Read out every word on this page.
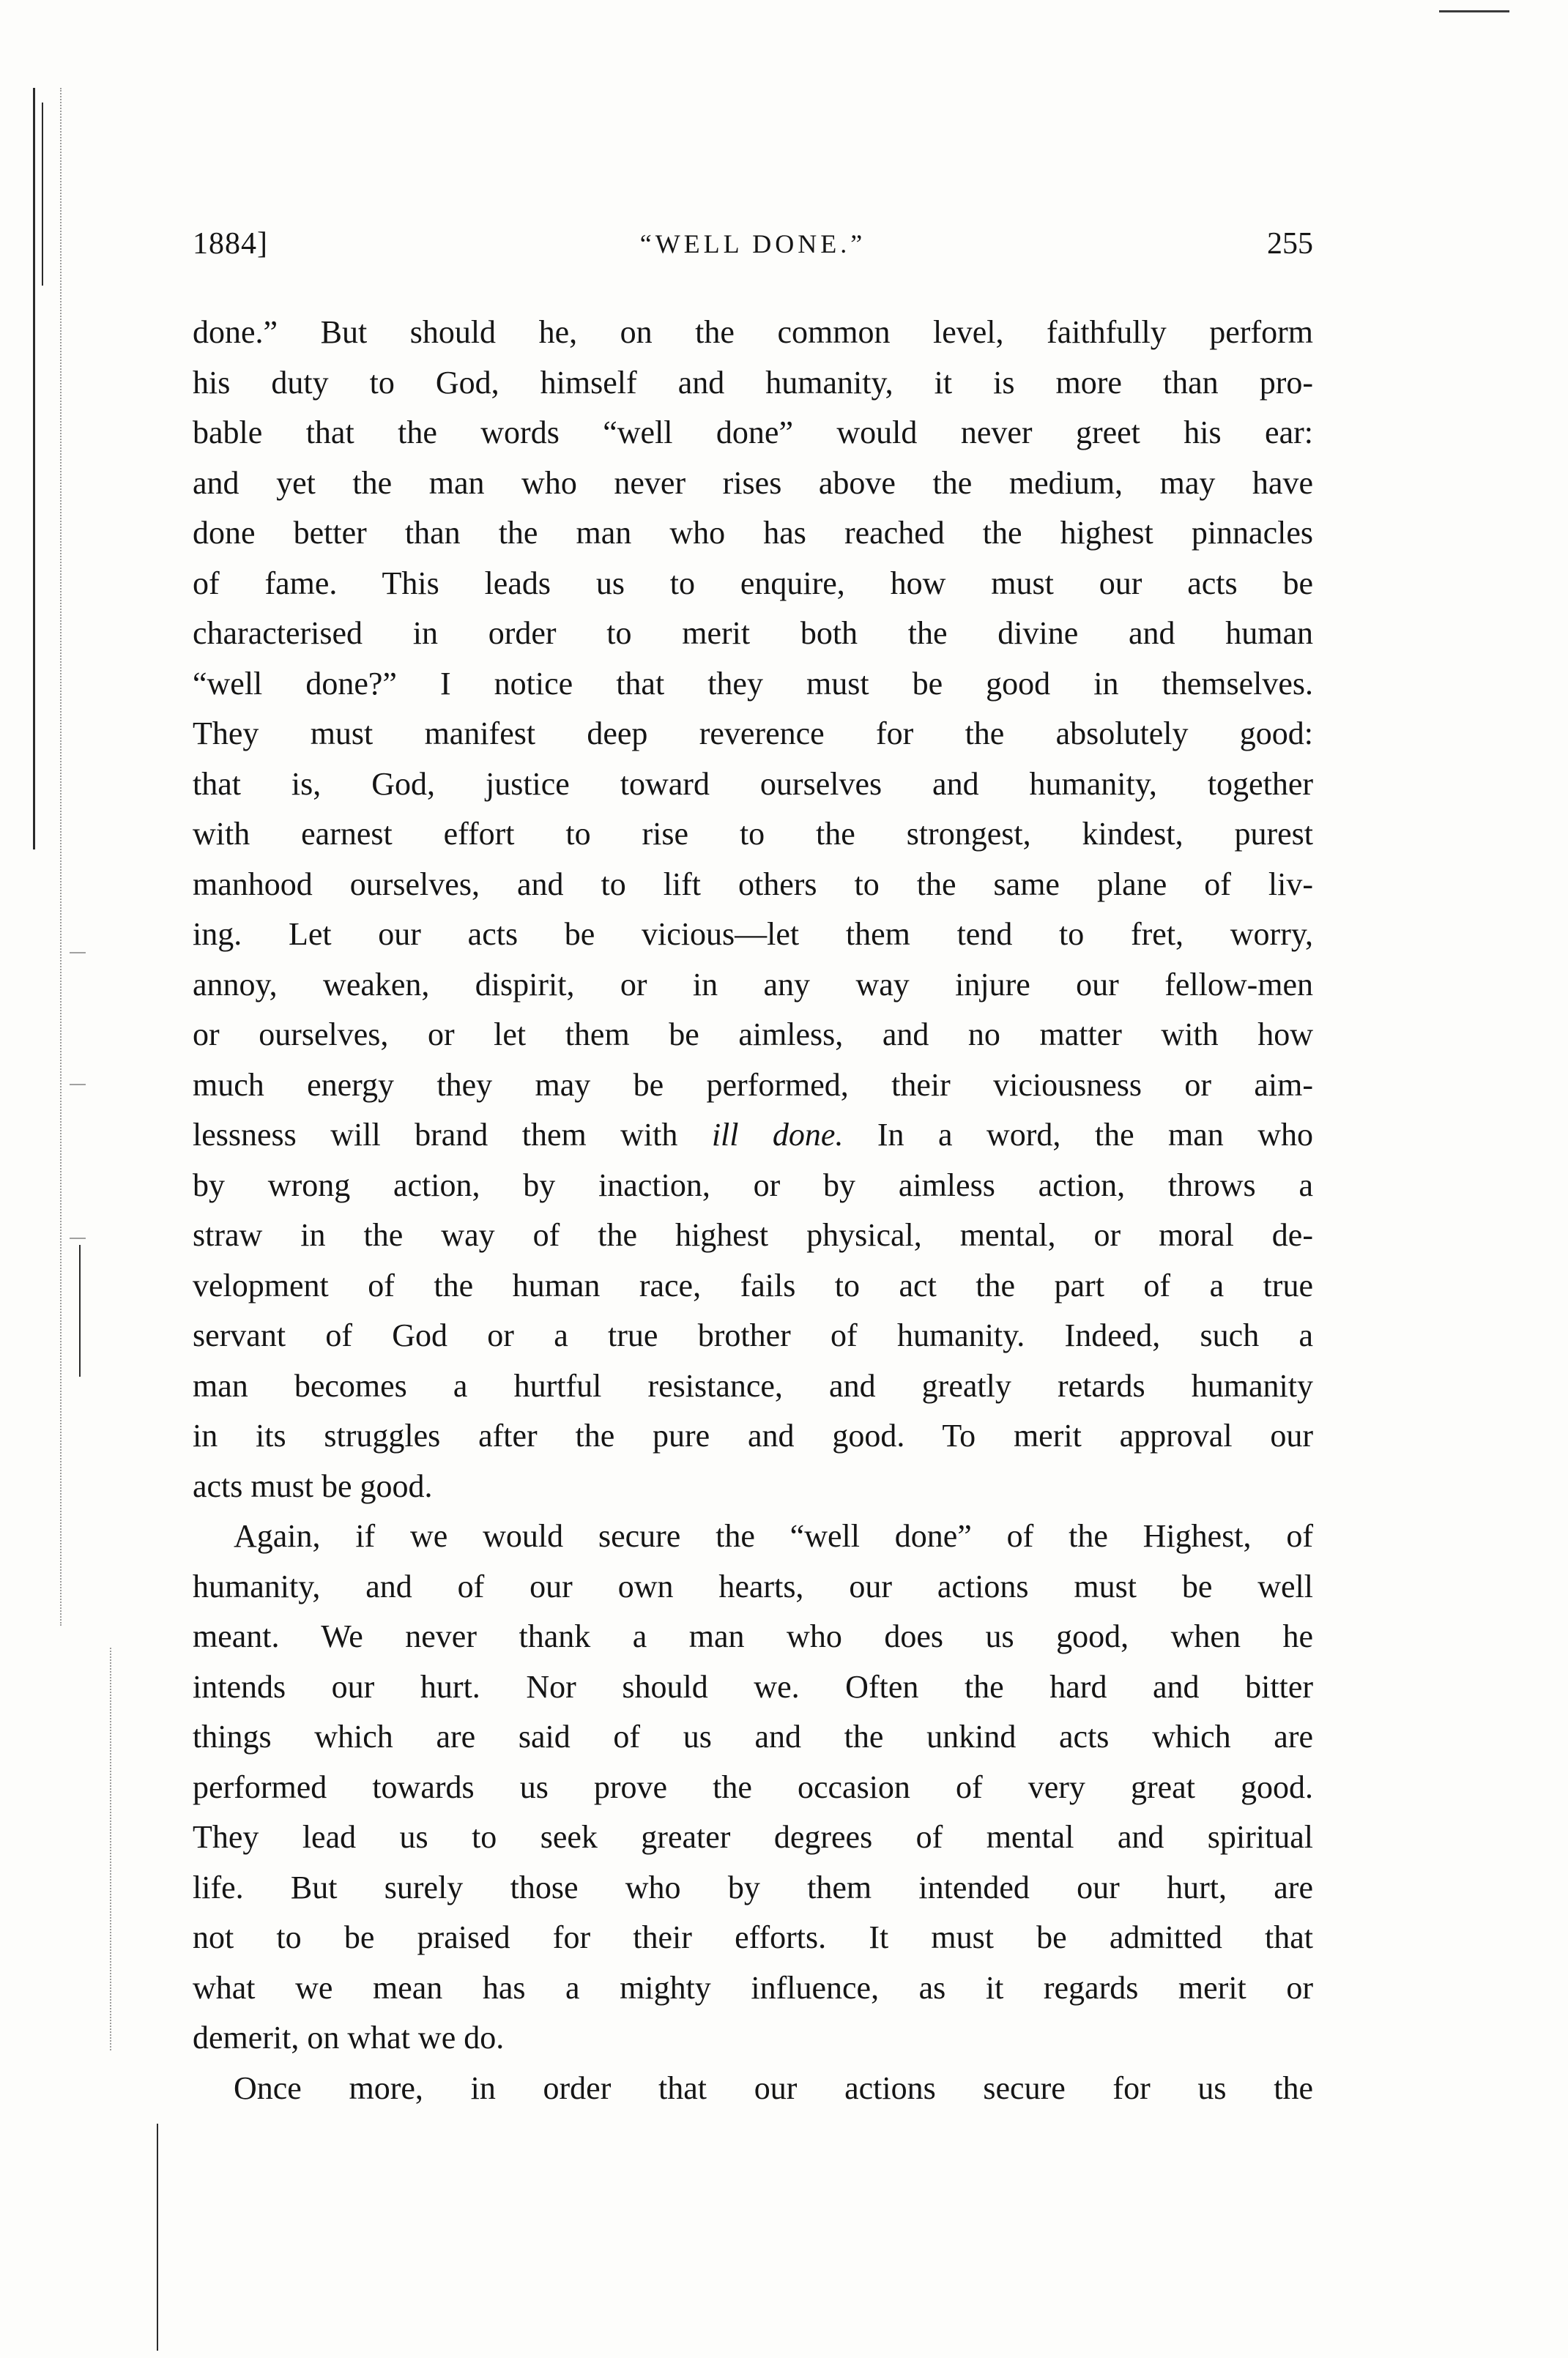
1884]	“WELL DONE.”	255
done.” But should he, on the common level, faithfully perform
his duty to God, himself and humanity, it is more than pro-
bable that the words “well done” would never greet his ear:
and yet the man who never rises above the medium, may have
done better than the man who has reached the highest pinnacles
of fame. This leads us to enquire, how must our acts be
characterised in order to merit both the divine and human
“well done?” I notice that they must be good in themselves.
They must manifest deep reverence for the absolutely good:
that is, God, justice toward ourselves and humanity, together
with earnest effort to rise to the strongest, kindest, purest
manhood ourselves, and to lift others to the same plane of liv-
ing. Let our acts be vicious—let them tend to fret, worry,
annoy, weaken, dispirit, or in any way injure our fellow-men
or ourselves, or let them be aimless, and no matter with how
much energy they may be performed, their viciousness or aim-
lessness will brand them with ill done. In a word, the man who
by wrong action, by inaction, or by aimless action, throws a
straw in the way of the highest physical, mental, or moral de-
velopment of the human race, fails to act the part of a true
servant of God or a true brother of humanity. Indeed, such a
man becomes a hurtful resistance, and greatly retards humanity
in its struggles after the pure and good. To merit approval our
acts must be good.
Again, if we would secure the “well done” of the Highest, of
humanity, and of our own hearts, our actions must be well
meant. We never thank a man who does us good, when he
intends our hurt. Nor should we. Often the hard and bitter
things which are said of us and the unkind acts which are
performed towards us prove the occasion of very great good.
They lead us to seek greater degrees of mental and spiritual
life. But surely those who by them intended our hurt, are
not to be praised for their efforts. It must be admitted that
what we mean has a mighty influence, as it regards merit or
demerit, on what we do.
Once more, in order that our actions secure for us the
